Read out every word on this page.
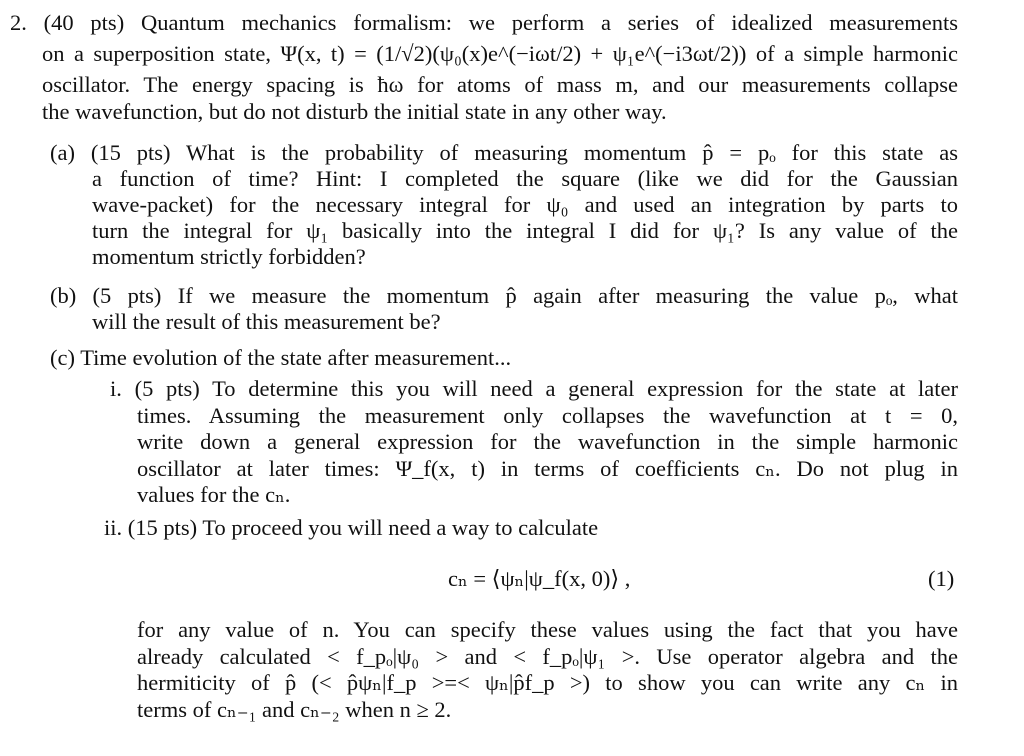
2. (40 pts) Quantum mechanics formalism: we perform a series of idealized measurements
on a superposition state, Ψ(x, t) = (1/√2)(ψ₀(x)e^(−iωt/2) + ψ₁e^(−i3ωt/2)) of a simple harmonic
oscillator. The energy spacing is ħω for atoms of mass m, and our measurements collapse
the wavefunction, but do not disturb the initial state in any other way.
(a) (15 pts) What is the probability of measuring momentum p̂ = pₒ for this state as
a function of time? Hint: I completed the square (like we did for the Gaussian
wave-packet) for the necessary integral for ψ₀ and used an integration by parts to
turn the integral for ψ₁ basically into the integral I did for ψ₁? Is any value of the
momentum strictly forbidden?
(b) (5 pts) If we measure the momentum p̂ again after measuring the value pₒ, what
will the result of this measurement be?
(c) Time evolution of the state after measurement...
i. (5 pts) To determine this you will need a general expression for the state at later
times. Assuming the measurement only collapses the wavefunction at t = 0,
write down a general expression for the wavefunction in the simple harmonic
oscillator at later times: Ψ_f(x, t) in terms of coefficients cₙ. Do not plug in
values for the cₙ.
ii. (15 pts) To proceed you will need a way to calculate
cₙ = ⟨ψₙ|ψ_f(x, 0)⟩ ,	(1)
for any value of n. You can specify these values using the fact that you have
already calculated < f_pₒ|ψ₀ > and < f_pₒ|ψ₁ >. Use operator algebra and the
hermiticity of p̂ (< p̂ψₙ|f_p >=< ψₙ|p̂f_p >) to show you can write any cₙ in
terms of cₙ₋₁ and cₙ₋₂ when n ≥ 2.
